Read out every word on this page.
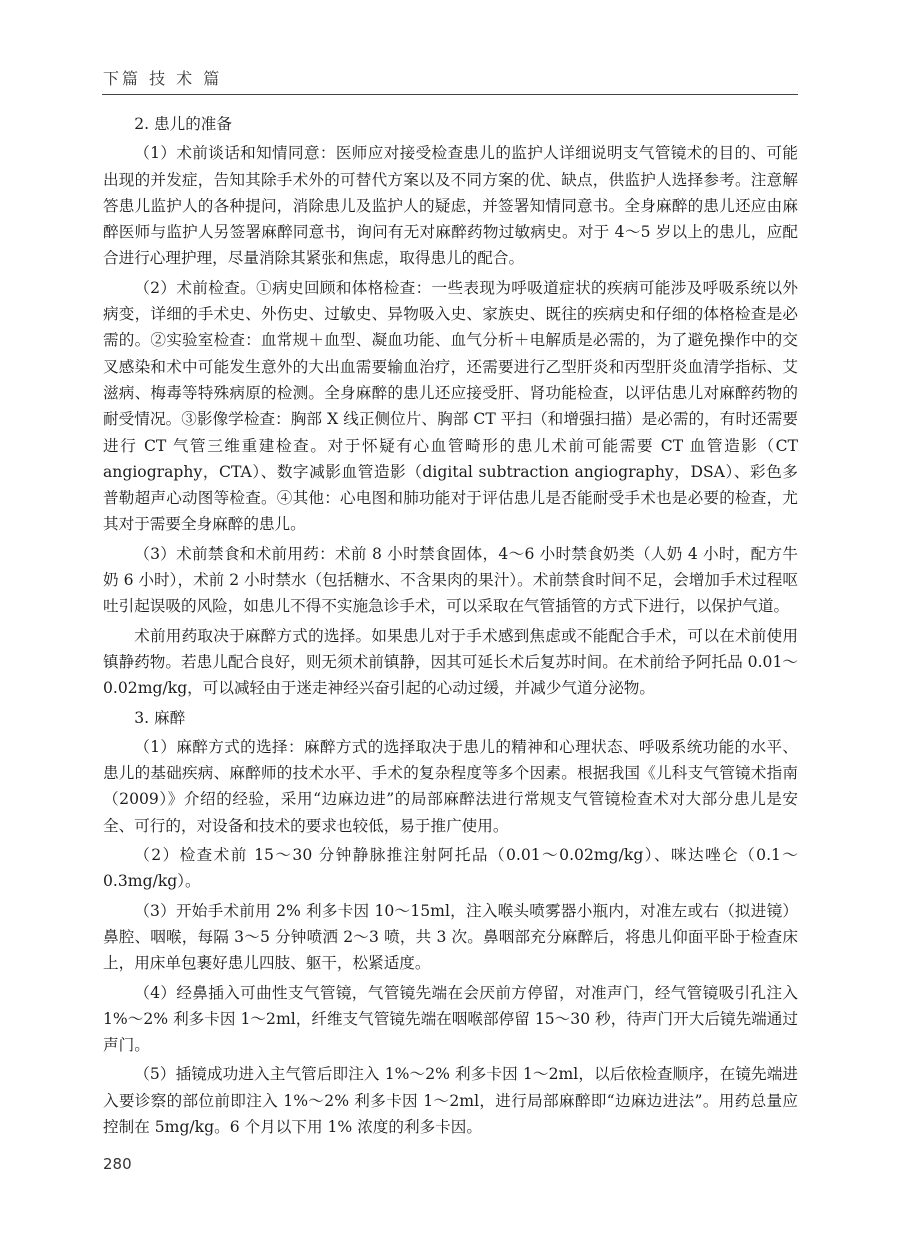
下篇 技 术 篇

2. 患儿的准备

（1）术前谈话和知情同意：医师应对接受检查患儿的监护人详细说明支气管镜术的目的、可能出现的并发症，告知其除手术外的可替代方案以及不同方案的优、缺点，供监护人选择参考。注意解答患儿监护人的各种提问，消除患儿及监护人的疑虑，并签署知情同意书。全身麻醉的患儿还应由麻醉医师与监护人另签署麻醉同意书，询问有无对麻醉药物过敏病史。对于 4～5 岁以上的患儿，应配合进行心理护理，尽量消除其紧张和焦虑，取得患儿的配合。

（2）术前检查。①病史回顾和体格检查：一些表现为呼吸道症状的疾病可能涉及呼吸系统以外病变，详细的手术史、外伤史、过敏史、异物吸入史、家族史、既往的疾病史和仔细的体格检查是必需的。②实验室检查：血常规＋血型、凝血功能、血气分析＋电解质是必需的，为了避免操作中的交叉感染和术中可能发生意外的大出血需要输血治疗，还需要进行乙型肝炎和丙型肝炎血清学指标、艾滋病、梅毒等特殊病原的检测。全身麻醉的患儿还应接受肝、肾功能检查，以评估患儿对麻醉药物的耐受情况。③影像学检查：胸部 X 线正侧位片、胸部 CT 平扫（和增强扫描）是必需的，有时还需要进行 CT 气管三维重建检查。对于怀疑有心血管畸形的患儿术前可能需要 CT 血管造影（CT angiography，CTA）、数字减影血管造影（digital subtraction angiography，DSA）、彩色多普勒超声心动图等检查。④其他：心电图和肺功能对于评估患儿是否能耐受手术也是必要的检查，尤其对于需要全身麻醉的患儿。

（3）术前禁食和术前用药：术前 8 小时禁食固体，4～6 小时禁食奶类（人奶 4 小时，配方牛奶 6 小时），术前 2 小时禁水（包括糖水、不含果肉的果汁）。术前禁食时间不足，会增加手术过程呕吐引起误吸的风险，如患儿不得不实施急诊手术，可以采取在气管插管的方式下进行，以保护气道。

术前用药取决于麻醉方式的选择。如果患儿对于手术感到焦虑或不能配合手术，可以在术前使用镇静药物。若患儿配合良好，则无须术前镇静，因其可延长术后复苏时间。在术前给予阿托品 0.01～0.02mg/kg，可以减轻由于迷走神经兴奋引起的心动过缓，并减少气道分泌物。

3. 麻醉

（1）麻醉方式的选择：麻醉方式的选择取决于患儿的精神和心理状态、呼吸系统功能的水平、患儿的基础疾病、麻醉师的技术水平、手术的复杂程度等多个因素。根据我国《儿科支气管镜术指南（2009）》介绍的经验，采用“边麻边进”的局部麻醉法进行常规支气管镜检查术对大部分患儿是安全、可行的，对设备和技术的要求也较低，易于推广使用。

（2）检查术前 15～30 分钟静脉推注射阿托品（0.01～0.02mg/kg）、咪达唑仑（0.1～0.3mg/kg）。

（3）开始手术前用 2% 利多卡因 10～15ml，注入喉头喷雾器小瓶内，对准左或右（拟进镜）鼻腔、咽喉，每隔 3～5 分钟喷洒 2～3 喷，共 3 次。鼻咽部充分麻醉后，将患儿仰面平卧于检查床上，用床单包裹好患儿四肢、躯干，松紧适度。

（4）经鼻插入可曲性支气管镜，气管镜先端在会厌前方停留，对准声门，经气管镜吸引孔注入 1%～2% 利多卡因 1～2ml，纤维支气管镜先端在咽喉部停留 15～30 秒，待声门开大后镜先端通过声门。

（5）插镜成功进入主气管后即注入 1%～2% 利多卡因 1～2ml，以后依检查顺序，在镜先端进入要诊察的部位前即注入 1%～2% 利多卡因 1～2ml，进行局部麻醉即“边麻边进法”。用药总量应控制在 5mg/kg。6 个月以下用 1% 浓度的利多卡因。

280
